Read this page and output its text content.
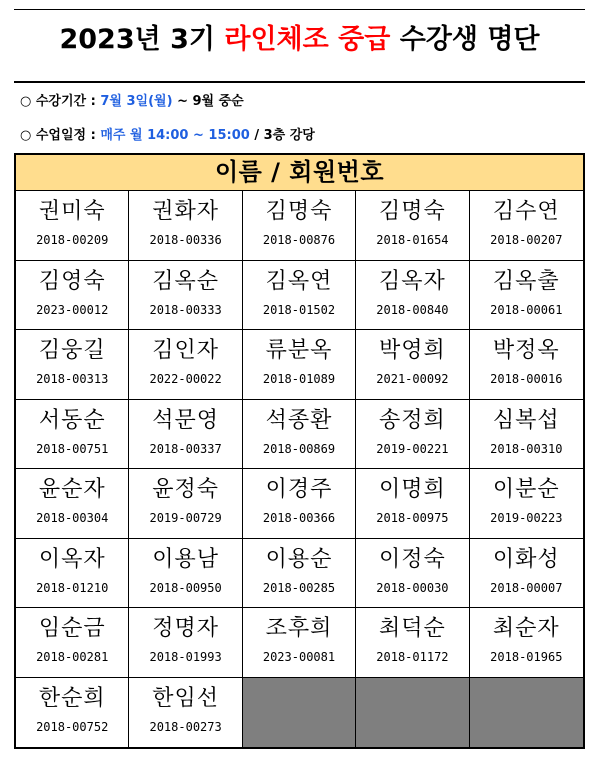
2023년 3기 라인체조 중급 수강생 명단
○ 수강기간 : 7월 3일(월) ~ 9월 중순
○ 수업일정 : 매주 월 14:00 ~ 15:00 / 3층 강당
이름 / 회원번호
권미숙
2018-00209
권화자
2018-00336
김명숙
2018-00876
김명숙
2018-01654
김수연
2018-00207
김영숙
2023-00012
김옥순
2018-00333
김옥연
2018-01502
김옥자
2018-00840
김옥출
2018-00061
김웅길
2018-00313
김인자
2022-00022
류분옥
2018-01089
박영희
2021-00092
박정옥
2018-00016
서동순
2018-00751
석문영
2018-00337
석종환
2018-00869
송정희
2019-00221
심복섭
2018-00310
윤순자
2018-00304
윤정숙
2019-00729
이경주
2018-00366
이명희
2018-00975
이분순
2019-00223
이옥자
2018-01210
이용남
2018-00950
이용순
2018-00285
이정숙
2018-00030
이화성
2018-00007
임순금
2018-00281
정명자
2018-01993
조후희
2023-00081
최덕순
2018-01172
최순자
2018-01965
한순희
2018-00752
한임선
2018-00273
